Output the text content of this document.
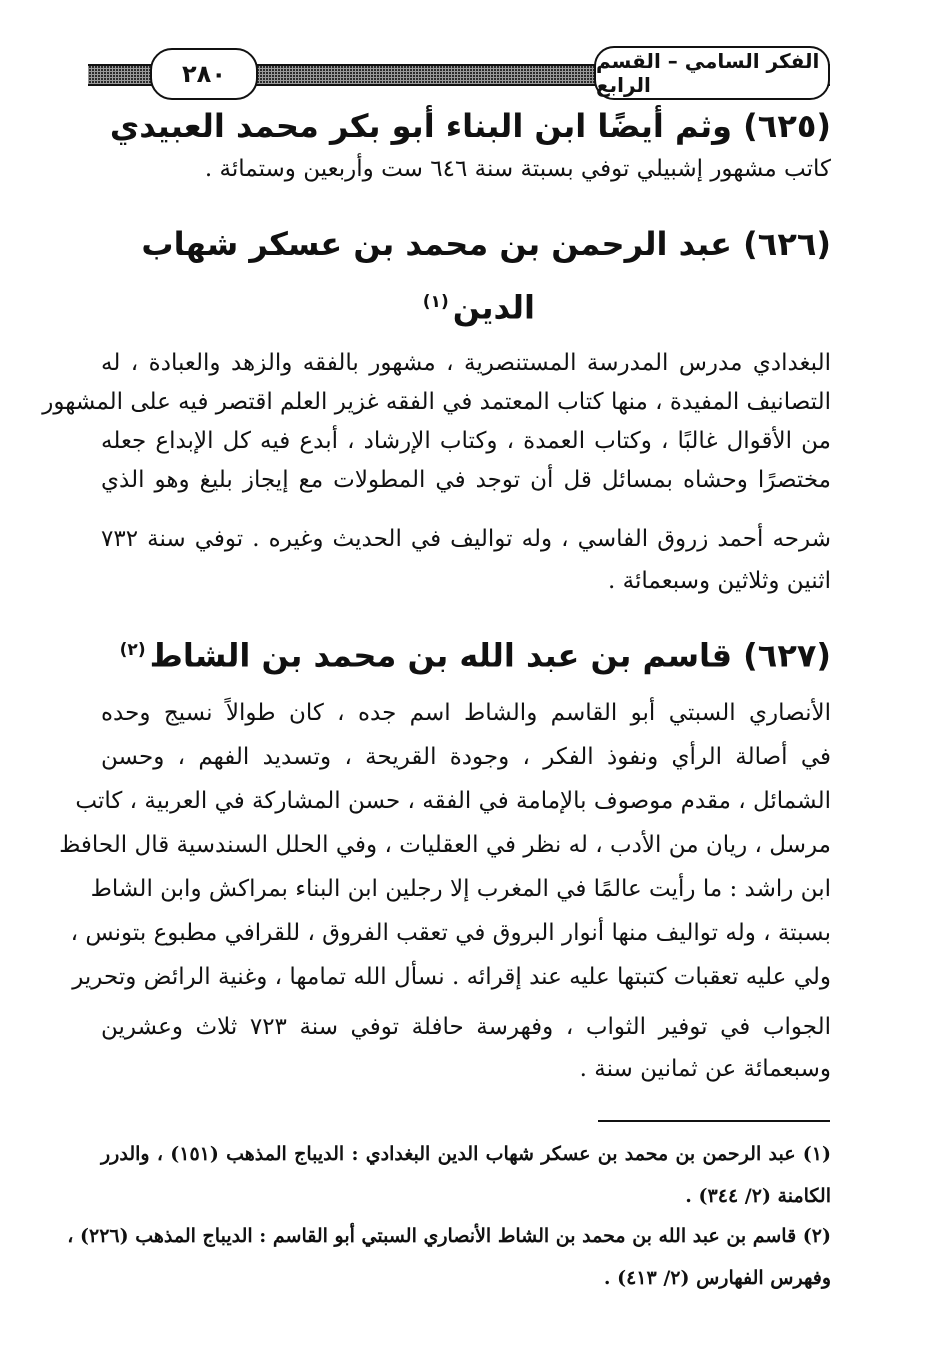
٢٨٠	الفكر السامي – القسم الرابع
(٦٢٥) وثم أيضًا ابن البناء أبو بكر محمد العبيدي
كاتب مشهور إشبيلي توفي بسبتة سنة ٦٤٦ ست وأربعين وستمائة .
(٦٢٦) عبد الرحمن بن محمد بن عسكر شهاب
الدين$^{(١)}$
البغدادي مدرس المدرسة المستنصرية ، مشهور بالفقه والزهد والعبادة ، له
التصانيف المفيدة ، منها كتاب المعتمد في الفقه غزير العلم اقتصر فيه على المشهور
من الأقوال غالبًا ، وكتاب العمدة ، وكتاب الإرشاد ، أبدع فيه كل الإبداع جعله
مختصرًا وحشاه بمسائل قل أن توجد في المطولات مع إيجاز بليغ وهو الذي
شرحه أحمد زروق الفاسي ، وله تواليف في الحديث وغيره . توفي سنة ٧٣٢
اثنين وثلاثين وسبعمائة .
(٦٢٧) قاسم بن عبد الله بن محمد بن الشاط$^{(٢)}$
الأنصاري السبتي أبو القاسم والشاط اسم جده ، كان طوالاً نسيج وحده
في أصالة الرأي ونفوذ الفكر ، وجودة القريحة ، وتسديد الفهم ، وحسن
الشمائل ، مقدم موصوف بالإمامة في الفقه ، حسن المشاركة في العربية ، كاتب
مرسل ، ريان من الأدب ، له نظر في العقليات ، وفي الحلل السندسية قال الحافظ
ابن راشد : ما رأيت عالمًا في المغرب إلا رجلين ابن البناء بمراكش وابن الشاط
بسبتة ، وله تواليف منها أنوار البروق في تعقب الفروق ، للقرافي مطبوع بتونس ،
ولي عليه تعقبات كتبتها عليه عند إقرائه . نسأل الله تمامها ، وغنية الرائض وتحرير
الجواب في توفير الثواب ، وفهرسة حافلة توفي سنة ٧٢٣ ثلاث وعشرين
وسبعمائة عن ثمانين سنة .
(١) عبد الرحمن بن محمد بن عسكر شهاب الدين البغدادي : الديباج المذهب (١٥١) ، والدرر
الكامنة (٢/ ٣٤٤) .
(٢) قاسم بن عبد الله بن محمد بن الشاط الأنصاري السبتي أبو القاسم : الديباج المذهب (٢٢٦) ،
وفهرس الفهارس (٢/ ٤١٣) .
